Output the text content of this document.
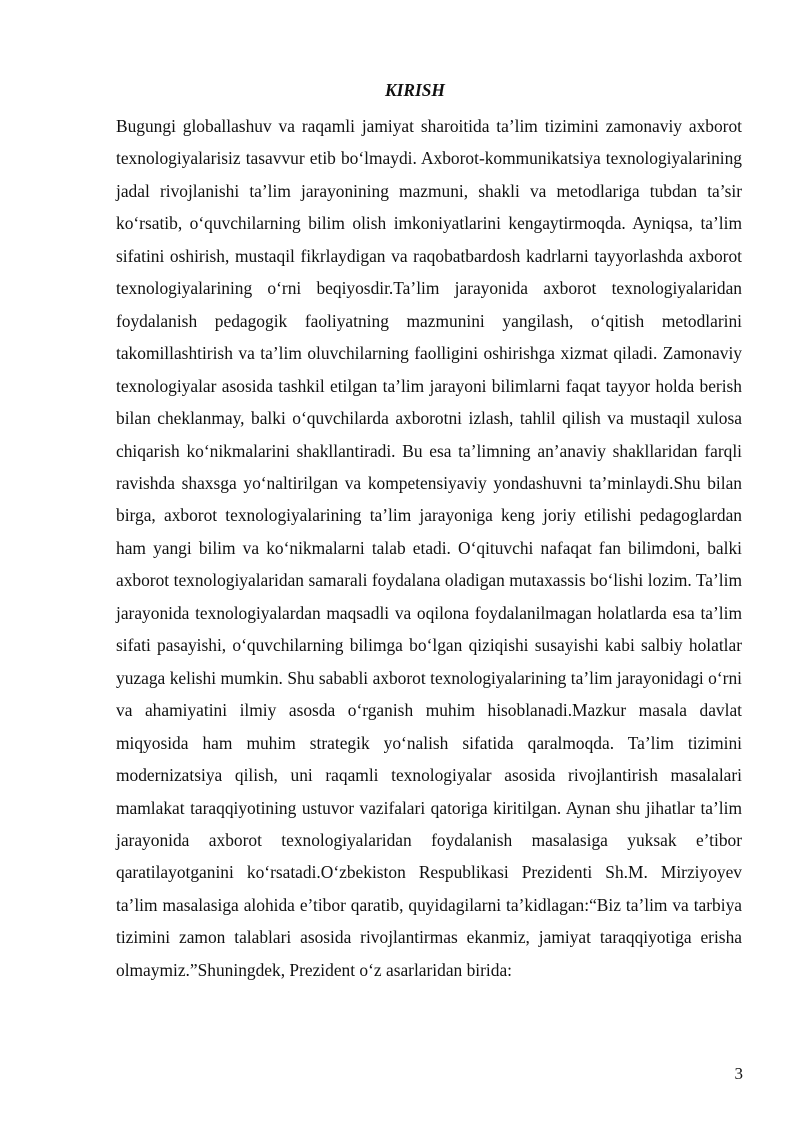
KIRISH

Bugungi globallashuv va raqamli jamiyat sharoitida ta’lim tizimini zamonaviy axborot texnologiyalarisiz tasavvur etib bo‘lmaydi. Axborot-kommunikatsiya texnologiyalarining jadal rivojlanishi ta’lim jarayonining mazmuni, shakli va metodlariga tubdan ta’sir ko‘rsatib, o‘quvchilarning bilim olish imkoniyatlarini kengaytirmoqda. Ayniqsa, ta’lim sifatini oshirish, mustaqil fikrlaydigan va raqobatbardosh kadrlarni tayyorlashda axborot texnologiyalarining o‘rni beqiyosdir.Ta’lim jarayonida axborot texnologiyalaridan foydalanish pedagogik faoliyatning mazmunini yangilash, o‘qitish metodlarini takomillashtirish va ta’lim oluvchilarning faolligini oshirishga xizmat qiladi. Zamonaviy texnologiyalar asosida tashkil etilgan ta’lim jarayoni bilimlarni faqat tayyor holda berish bilan cheklanmay, balki o‘quvchilarda axborotni izlash, tahlil qilish va mustaqil xulosa chiqarish ko‘nikmalarini shakllantiradi. Bu esa ta’limning an’anaviy shakllaridan farqli ravishda shaxsga yo‘naltirilgan va kompetensiyaviy yondashuvni ta’minlaydi.Shu bilan birga, axborot texnologiyalarining ta’lim jarayoniga keng joriy etilishi pedagoglardan ham yangi bilim va ko‘nikmalarni talab etadi. O‘qituvchi nafaqat fan bilimdoni, balki axborot texnologiyalaridan samarali foydalana oladigan mutaxassis bo‘lishi lozim. Ta’lim jarayonida texnologiyalardan maqsadli va oqilona foydalanilmagan holatlarda esa ta’lim sifati pasayishi, o‘quvchilarning bilimga bo‘lgan qiziqishi susayishi kabi salbiy holatlar yuzaga kelishi mumkin. Shu sababli axborot texnologiyalarining ta’lim jarayonidagi o‘rni va ahamiyatini ilmiy asosda o‘rganish muhim hisoblanadi.Mazkur masala davlat miqyosida ham muhim strategik yo‘nalish sifatida qaralmoqda. Ta’lim tizimini modernizatsiya qilish, uni raqamli texnologiyalar asosida rivojlantirish masalalari mamlakat taraqqiyotining ustuvor vazifalari qatoriga kiritilgan. Aynan shu jihatlar ta’lim jarayonida axborot texnologiyalaridan foydalanish masalasiga yuksak e’tibor qaratilayotganini ko‘rsatadi.O‘zbekiston Respublikasi Prezidenti Sh.M. Mirziyoyev ta’lim masalasiga alohida e’tibor qaratib, quyidagilarni ta’kidlagan:“Biz ta’lim va tarbiya tizimini zamon talablari asosida rivojlantirmas ekanmiz, jamiyat taraqqiyotiga erisha olmaymiz.”Shuningdek, Prezident o‘z asarlaridan birida:

3
